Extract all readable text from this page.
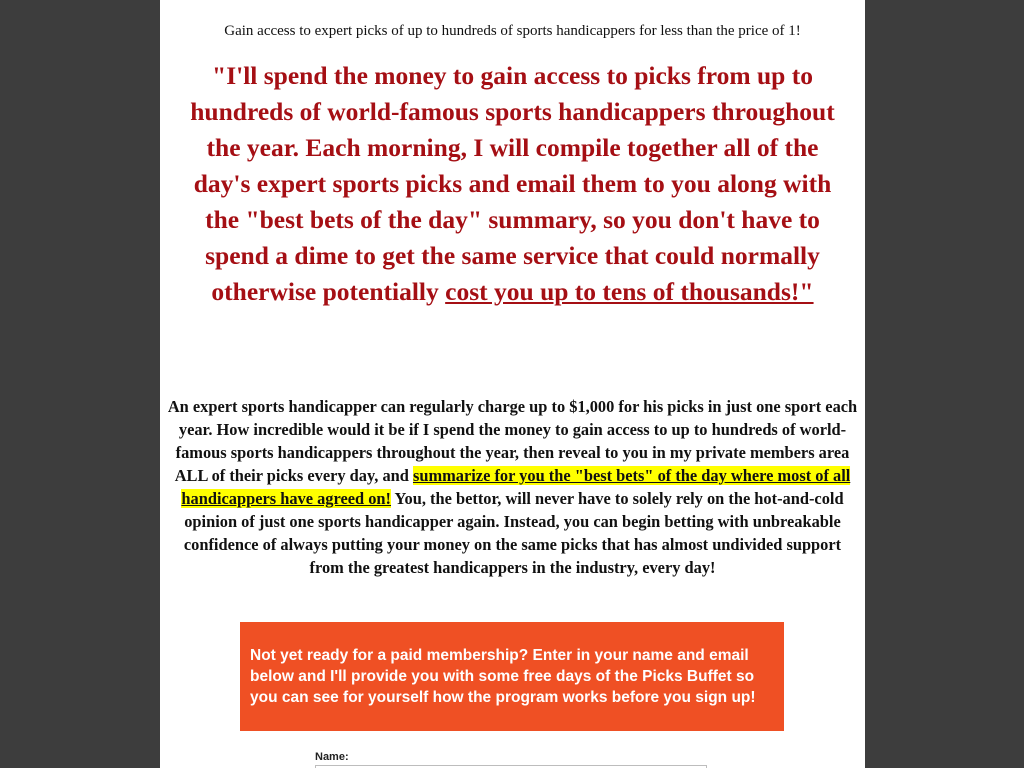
Gain access to expert picks of up to hundreds of sports handicappers for less than the price of 1!
"I'll spend the money to gain access to picks from up to hundreds of world-famous sports handicappers throughout the year. Each morning, I will compile together all of the day's expert sports picks and email them to you along with the "best bets of the day" summary, so you don't have to spend a dime to get the same service that could normally otherwise potentially cost you up to tens of thousands!"
An expert sports handicapper can regularly charge up to $1,000 for his picks in just one sport each year. How incredible would it be if I spend the money to gain access to up to hundreds of world-famous sports handicappers throughout the year, then reveal to you in my private members area ALL of their picks every day, and summarize for you the "best bets" of the day where most of all handicappers have agreed on! You, the bettor, will never have to solely rely on the hot-and-cold opinion of just one sports handicapper again. Instead, you can begin betting with unbreakable confidence of always putting your money on the same picks that has almost undivided support from the greatest handicappers in the industry, every day!
Not yet ready for a paid membership? Enter in your name and email below and I'll provide you with some free days of the Picks Buffet so you can see for yourself how the program works before you sign up!
Name:
